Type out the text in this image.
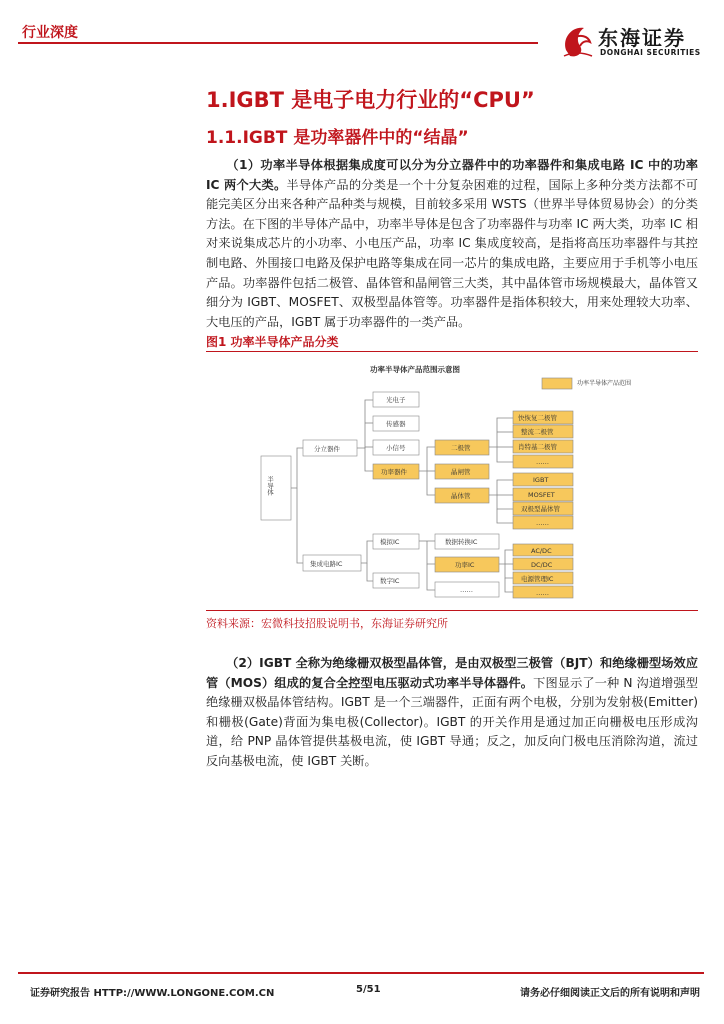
行业深度	东海证券
DONGHAI SECURITIES
1.IGBT 是电子电力行业的“CPU”
1.1.IGBT 是功率器件中的“结晶”
（1）功率半导体根据集成度可以分为分立器件中的功率器件和集成电路 IC 中的功率 IC 两个大类。半导体产品的分类是一个十分复杂困难的过程，国际上多种分类方法都不可能完美区分出来各种产品种类与规模，目前较多采用 WSTS（世界半导体贸易协会）的分类方法。在下图的半导体产品中，功率半导体是包含了功率器件与功率 IC 两大类，功率 IC 相对来说集成芯片的小功率、小电压产品，功率 IC 集成度较高，是指将高压功率器件与其控制电路、外围接口电路及保护电路等集成在同一芯片的集成电路，主要应用于手机等小电压产品。功率器件包括二极管、晶体管和晶闸管三大类，其中晶体管市场规模最大，晶体管又细分为 IGBT、MOSFET、双极型晶体管等。功率器件是指体积较大，用来处理较大功率、大电压的产品，IGBT 属于功率器件的一类产品。
图1 功率半导体产品分类
功率半导体产品范围示意图
功率半导体产品范围
半导体
分立器件
集成电路IC
光电子
传感器
小信号
功率器件
二极管
晶闸管
晶体管
快恢复二极管
整流二极管
肖特基二极管
……
IGBT
MOSFET
双极型晶体管
……
模拟IC
数字IC
数据转换IC
功率IC
……
AC/DC
DC/DC
电源管理IC
……
资料来源：宏微科技招股说明书，东海证券研究所
（2）IGBT 全称为绝缘栅双极型晶体管，是由双极型三极管（BJT）和绝缘栅型场效应管（MOS）组成的复合全控型电压驱动式功率半导体器件。下图显示了一种 N 沟道增强型绝缘栅双极晶体管结构。IGBT 是一个三端器件，正面有两个电极，分别为发射极(Emitter)和栅极(Gate)背面为集电极(Collector)。IGBT 的开关作用是通过加正向栅极电压形成沟道，给 PNP 晶体管提供基极电流，使 IGBT 导通；反之，加反向门极电压消除沟道，流过反向基极电流，使 IGBT 关断。
证券研究报告 HTTP://WWW.LONGONE.COM.CN	5/51	请务必仔细阅读正文后的所有说明和声明
